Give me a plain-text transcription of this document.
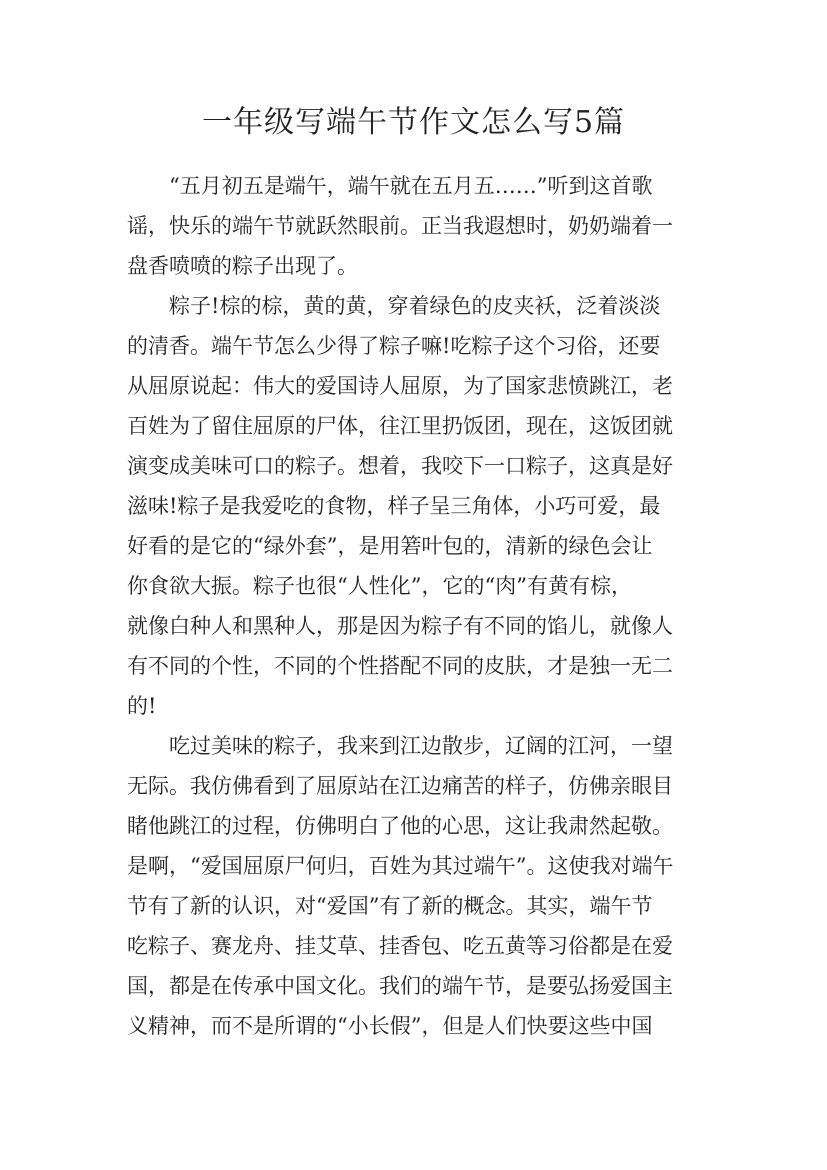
一年级写端午节作文怎么写5篇
“五月初五是端午，端午就在五月五……”听到这首歌
谣，快乐的端午节就跃然眼前。正当我遐想时，奶奶端着一
盘香喷喷的粽子出现了。
粽子!棕的棕，黄的黄，穿着绿色的皮夹袄，泛着淡淡
的清香。端午节怎么少得了粽子嘛!吃粽子这个习俗，还要
从屈原说起：伟大的爱国诗人屈原，为了国家悲愤跳江，老
百姓为了留住屈原的尸体，往江里扔饭团，现在，这饭团就
演变成美味可口的粽子。想着，我咬下一口粽子，这真是好
滋味!粽子是我爱吃的食物，样子呈三角体，小巧可爱，最
好看的是它的“绿外套”，是用箬叶包的，清新的绿色会让
你食欲大振。粽子也很“人性化”，它的“肉”有黄有棕，
就像白种人和黑种人，那是因为粽子有不同的馅儿，就像人
有不同的个性，不同的个性搭配不同的皮肤，才是独一无二
的!
吃过美味的粽子，我来到江边散步，辽阔的江河，一望
无际。我仿佛看到了屈原站在江边痛苦的样子，仿佛亲眼目
睹他跳江的过程，仿佛明白了他的心思，这让我肃然起敬。
是啊，“爱国屈原尸何归，百姓为其过端午”。这使我对端午
节有了新的认识，对“爱国”有了新的概念。其实，端午节
吃粽子、赛龙舟、挂艾草、挂香包、吃五黄等习俗都是在爱
国，都是在传承中国文化。我们的端午节，是要弘扬爱国主
义精神，而不是所谓的“小长假”，但是人们快要这些中国
